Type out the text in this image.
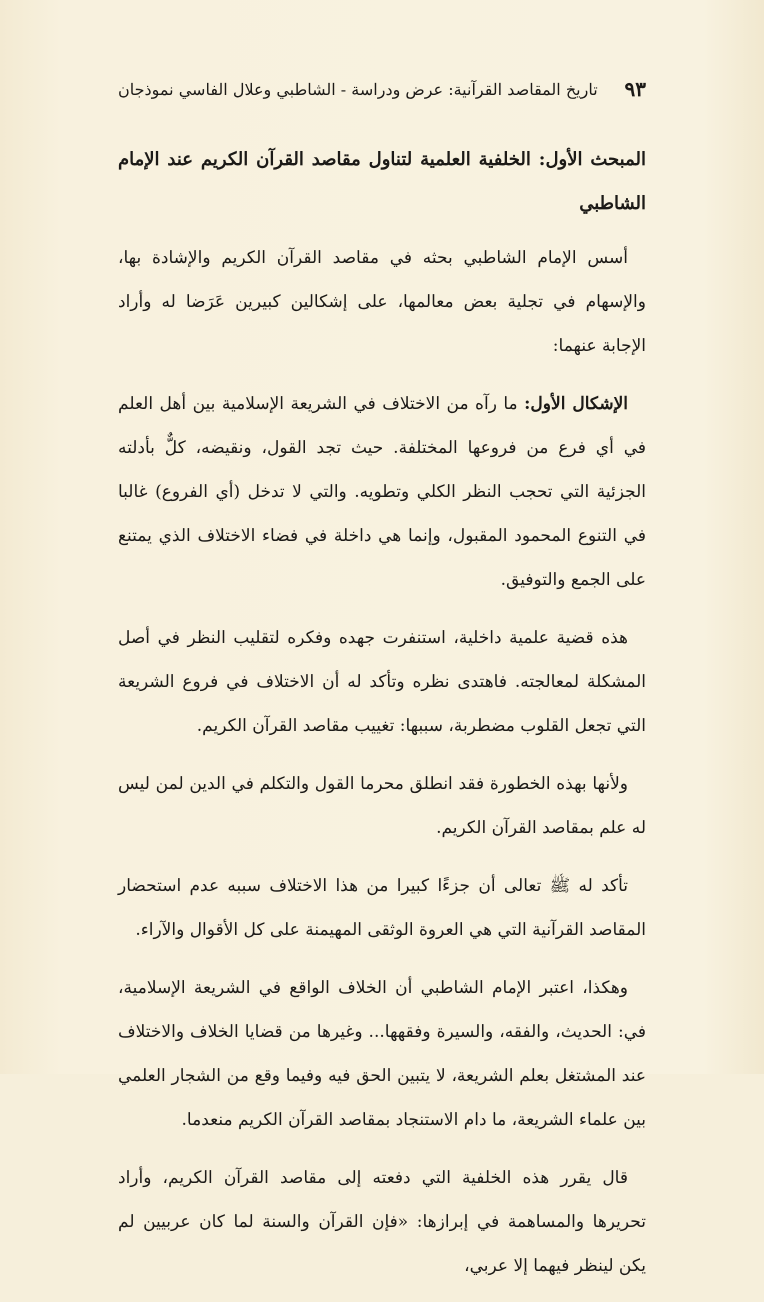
تاريخ المقاصد القرآنية: عرض ودراسة - الشاطبي وعلال الفاسي نموذجان ٩٣
المبحث الأول: الخلفية العلمية لتناول مقاصد القرآن الكريم عند الإمام الشاطبي

أسس الإمام الشاطبي بحثه في مقاصد القرآن الكريم والإشادة بها، والإسهام في تجلية بعض معالمها، على إشكالين كبيرين عَرَضا له وأراد الإجابة عنهما:

الإشكال الأول: ما رآه من الاختلاف في الشريعة الإسلامية بين أهل العلم في أي فرع من فروعها المختلفة. حيث تجد القول، ونقيضه، كلٌّ بأدلته الجزئية التي تحجب النظر الكلي وتطويه. والتي لا تدخل (أي الفروع) غالبا في التنوع المحمود المقبول، وإنما هي داخلة في فضاء الاختلاف الذي يمتنع على الجمع والتوفيق.

هذه قضية علمية داخلية، استنفرت جهده وفكره لتقليب النظر في أصل المشكلة لمعالجته. فاهتدى نظره وتأكد له أن الاختلاف في فروع الشريعة التي تجعل القلوب مضطربة، سببها: تغييب مقاصد القرآن الكريم.

ولأنها بهذه الخطورة فقد انطلق محرما القول والتكلم في الدين لمن ليس له علم بمقاصد القرآن الكريم.

تأكد له ﷺ تعالى أن جزءًا كبيرا من هذا الاختلاف سببه عدم استحضار المقاصد القرآنية التي هي العروة الوثقى المهيمنة على كل الأقوال والآراء.

وهكذا، اعتبر الإمام الشاطبي أن الخلاف الواقع في الشريعة الإسلامية، في: الحديث، والفقه، والسيرة وفقهها... وغيرها من قضايا الخلاف والاختلاف عند المشتغل بعلم الشريعة، لا يتبين الحق فيه وفيما وقع من الشجار العلمي بين علماء الشريعة، ما دام الاستنجاد بمقاصد القرآن الكريم منعدما.

قال يقرر هذه الخلفية التي دفعته إلى مقاصد القرآن الكريم، وأراد تحريرها والمساهمة في إبرازها: «فإن القرآن والسنة لما كان عربيين لم يكن لينظر فيهما إلا عربي،
